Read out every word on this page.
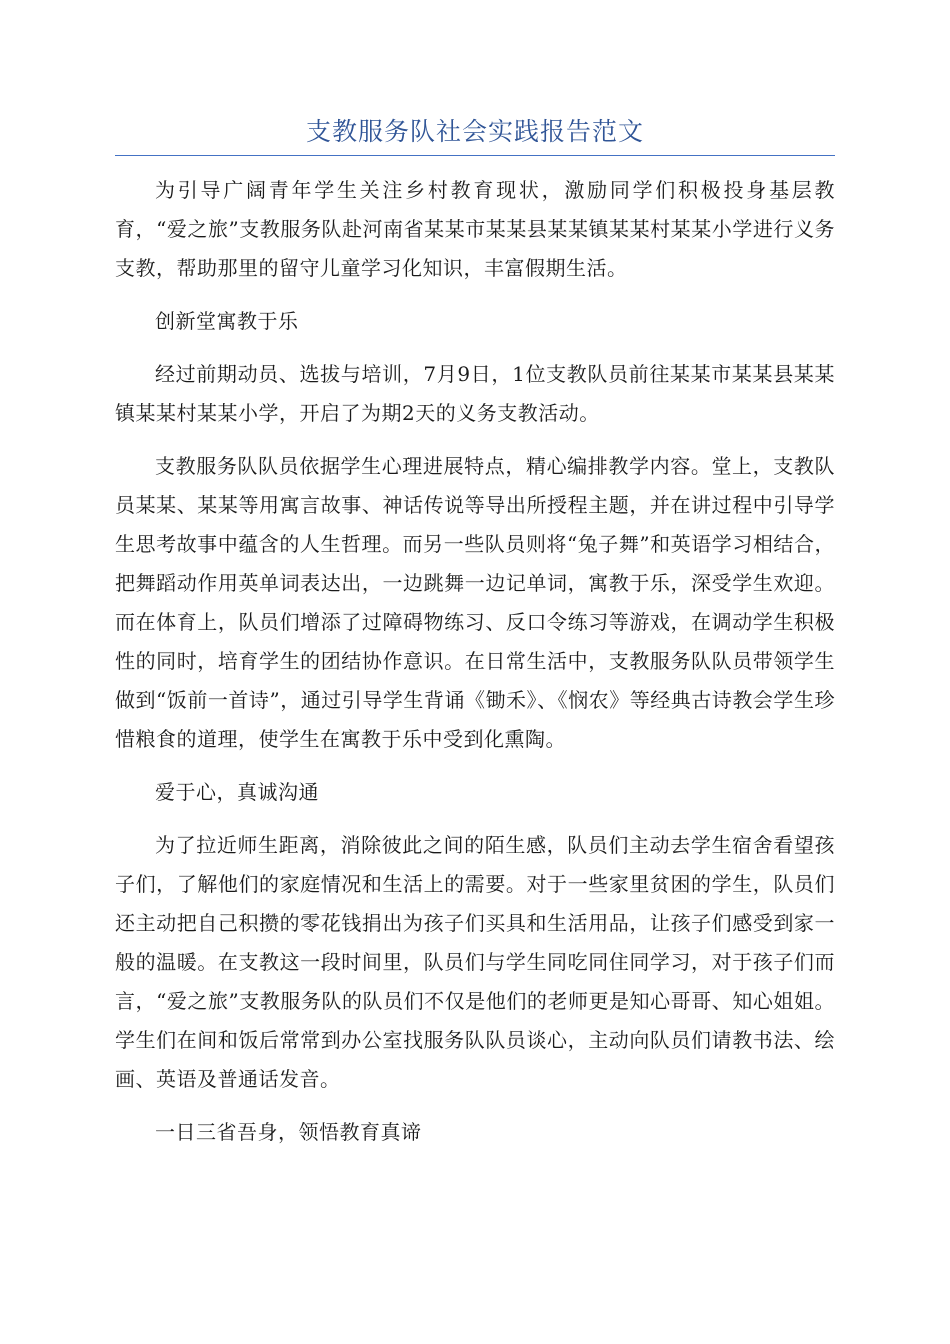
支教服务队社会实践报告范文

为引导广阔青年学生关注乡村教育现状，激励同学们积极投身基层教育，“爱之旅”支教服务队赴河南省某某市某某县某某镇某某村某某小学进行义务支教，帮助那里的留守儿童学习化知识，丰富假期生活。

创新堂寓教于乐

经过前期动员、选拔与培训，7月9日，1位支教队员前往某某市某某县某某镇某某村某某小学，开启了为期2天的义务支教活动。

支教服务队队员依据学生心理进展特点，精心编排教学内容。堂上，支教队员某某、某某等用寓言故事、神话传说等导出所授程主题，并在讲过程中引导学生思考故事中蕴含的人生哲理。而另一些队员则将“兔子舞”和英语学习相结合，把舞蹈动作用英单词表达出，一边跳舞一边记单词，寓教于乐，深受学生欢迎。而在体育上，队员们增添了过障碍物练习、反口令练习等游戏，在调动学生积极性的同时，培育学生的团结协作意识。在日常生活中，支教服务队队员带领学生做到“饭前一首诗”，通过引导学生背诵《锄禾》、《悯农》等经典古诗教会学生珍惜粮食的道理，使学生在寓教于乐中受到化熏陶。

爱于心，真诚沟通

为了拉近师生距离，消除彼此之间的陌生感，队员们主动去学生宿舍看望孩子们，了解他们的家庭情况和生活上的需要。对于一些家里贫困的学生，队员们还主动把自己积攒的零花钱捐出为孩子们买具和生活用品，让孩子们感受到家一般的温暖。在支教这一段时间里，队员们与学生同吃同住同学习，对于孩子们而言，“爱之旅”支教服务队的队员们不仅是他们的老师更是知心哥哥、知心姐姐。学生们在间和饭后常常到办公室找服务队队员谈心，主动向队员们请教书法、绘画、英语及普通话发音。

一日三省吾身，领悟教育真谛
